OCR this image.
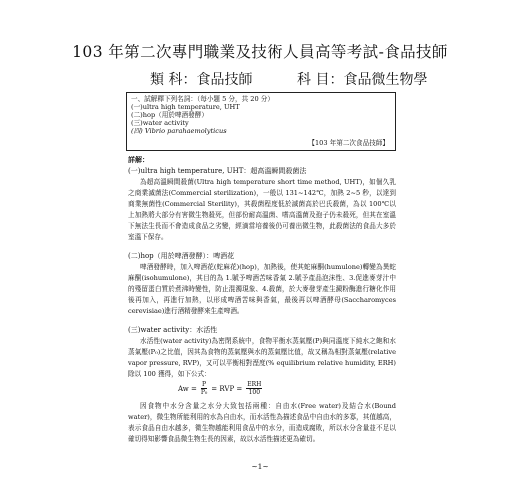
103 年第二次專門職業及技術人員高等考試-食品技師
類 科：食品技師	科 目：食品微生物學
一、試解釋下列名詞：（每小題 5 分，共 20 分）
(一)ultra high temperature, UHT
(二)hop（用於啤酒發酵）
(三)water activity
(四) Vibrio parahaemolyticus
【103 年第二次食品技師】
詳解：
(一)ultra high temperature, UHT：超高溫瞬間殺菌法

為超高溫瞬間殺菌(Ultra high temperature short time method, UHT)，如個久乳之商業滅菌法(Commercial sterilization)，一般以 131~142℃，加熱 2~5 秒，以達到商業無菌性(Commercial Sterility)，其殺菌程度低於滅菌高於巴氏殺菌，為以 100℃以上加熱將大部分有害微生物殺死，但部份耐高溫菌、嗜高溫菌及孢子仍未殺死，但其在室溫下無法生長而不會造成食品之劣變，經滴當培養後仍可養出微生物，此殺菌法的食品大多於室溫下保存。

(二)hop（用於啤酒發酵）：啤酒花

啤酒發酵時，加入啤酒花(蛇麻花)(hop)，加熱後，使其蛇麻酮(humulone)轉變為異蛇麻酮(isohumulone)，其目的為 1.賦予啤酒苦味香氣 2.賦予產品泡沫性、3.促進麥芽汁中的殘留蛋白質於煮沸時變性，防止混濁現象、4.殺菌，於大麥發芽產生澱粉酶進行糖化作用後再加入，再進行加熱，以形成啤酒苦味與香氣，最後再以啤酒酵母(Saccharomyces cerevisiae)進行酒精發酵來生產啤酒。

(三)water activity：水活性

水活性(water activity)為密閉系統中，食物平衡水蒸氣壓(P)與同溫度下純水之飽和水蒸氣壓(P₀)之比值，因其為食物的蒸氣壓與水的蒸氣壓比值，故又稱為相對蒸氣壓(relative vapor pressure, RVP)，又可以平衡相對溼度(% equilibrium relative humidity, ERH)除以 100 獲得，如下公式：

$Aw = \frac{P}{\text{P₀}}$ = RVP = $\frac{\text{ERH}}{100}$

因食物中水分含量之水分大致包括兩種：自由水(Free water)及結合水(Bound water)，微生物所能利用的水為自由水，而水活性為描述食品中自由水的多寡，其值越高，表示食品自由水越多，微生物越能利用食品中的水分，而造成腐敗，所以水分含量並不足以確切得知影響食品微生物生長的因素，故以水活性描述更為確切。

~1~
